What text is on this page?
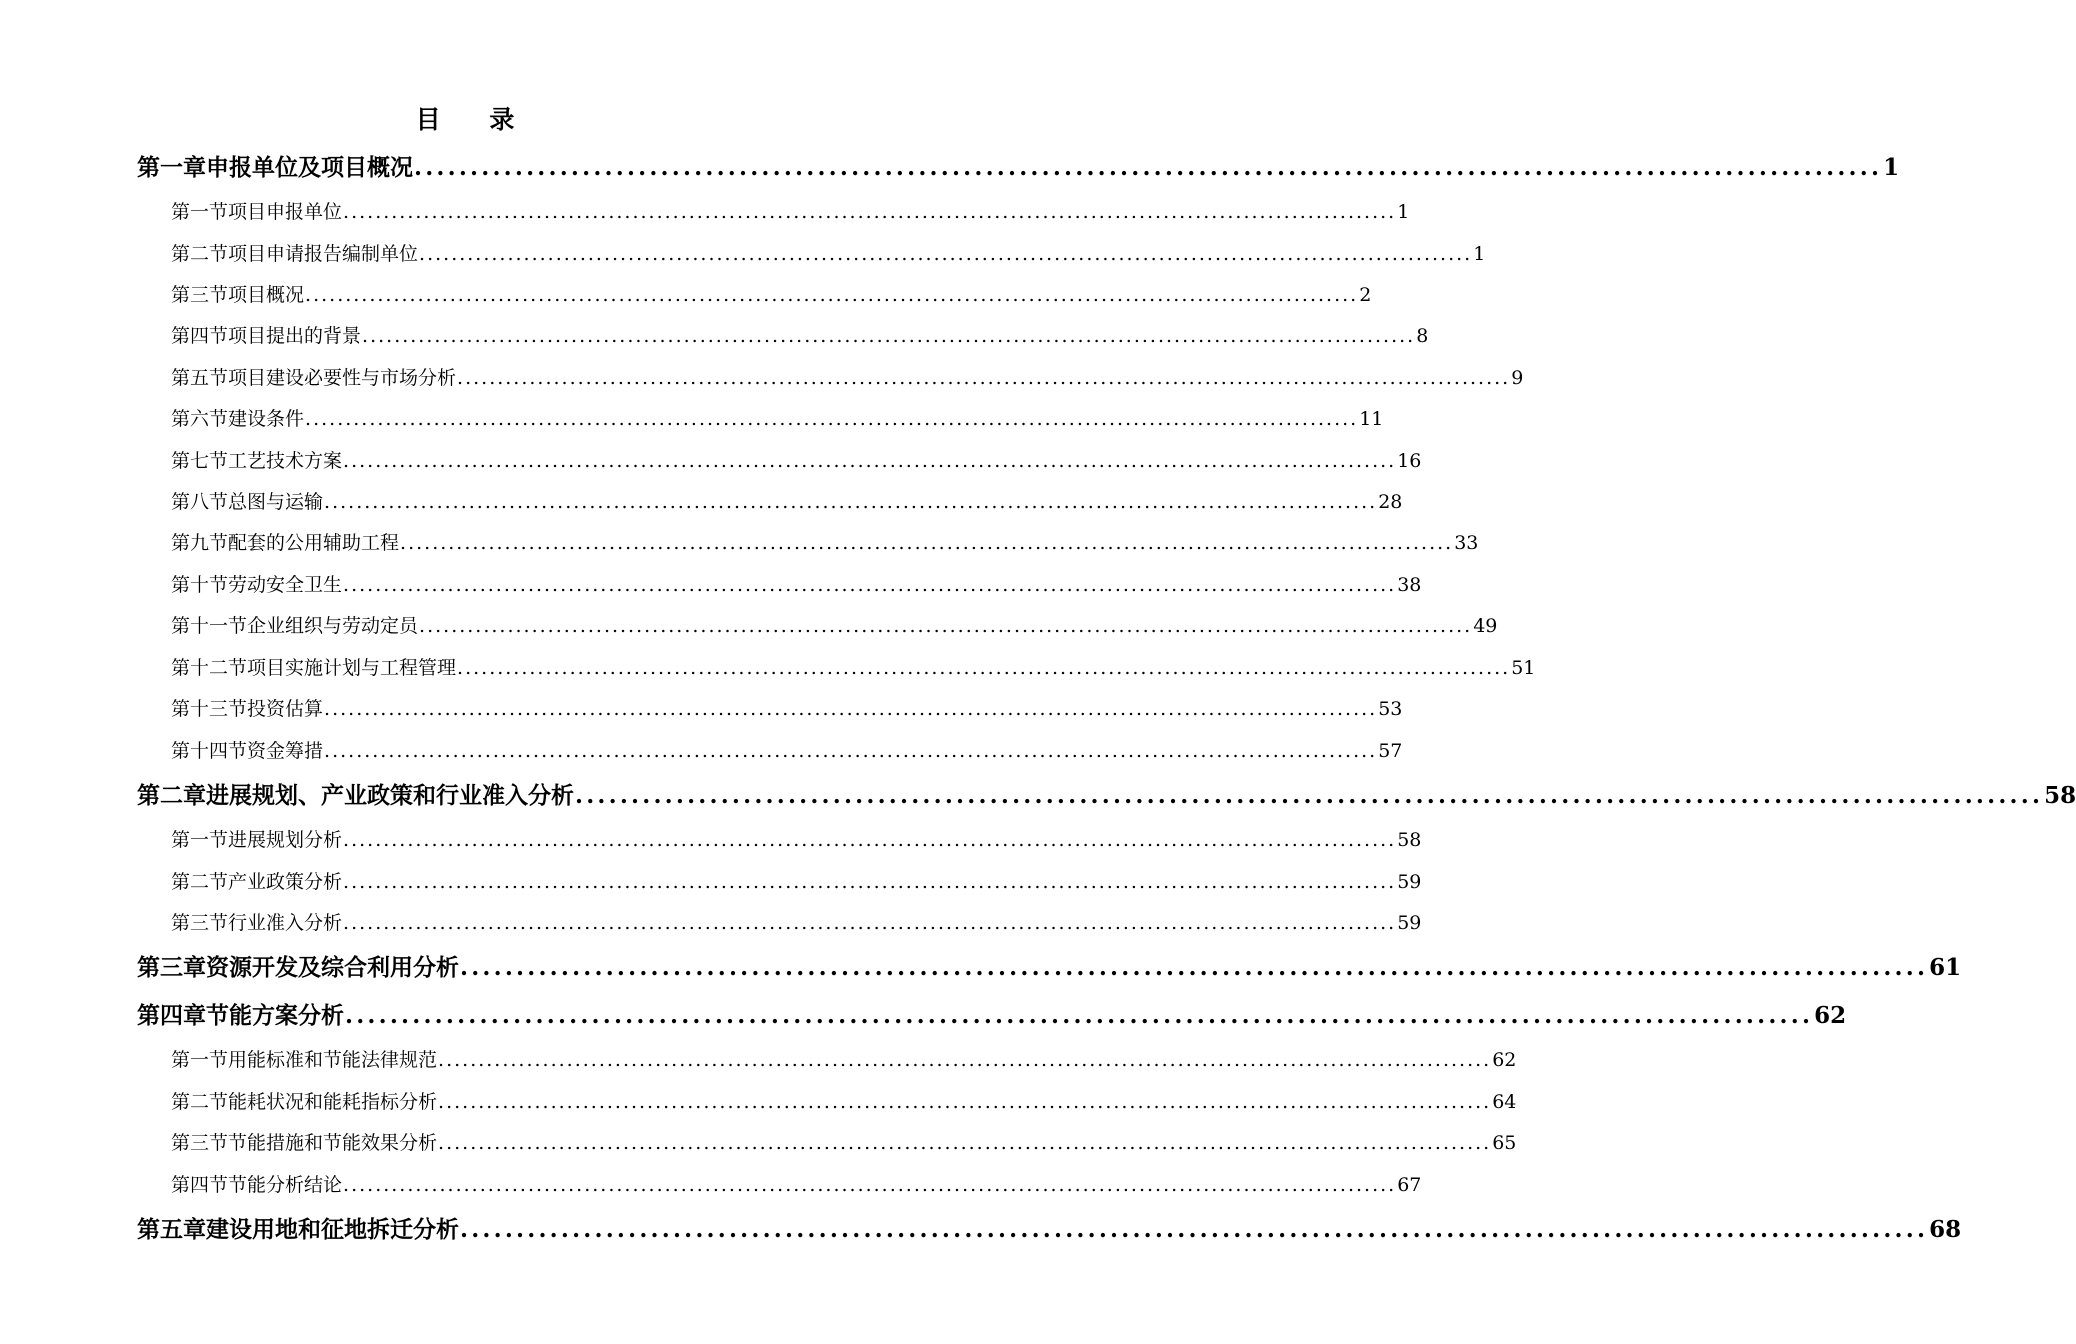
目 录
第一章 申报单位及项目概况 ................................................................................................................................... 1
第一节 项目申报单位 ................................................................................................................................... 1
第二节 项目申请报告编制单位 ................................................................................................................................... 1
第三节 项目概况 ................................................................................................................................... 2
第四节 项目提出的背景 ................................................................................................................................... 8
第五节 项目建设必要性与市场分析 ................................................................................................................................... 9
第六节 建设条件 ................................................................................................................................... 11
第七节 工艺技术方案 ................................................................................................................................... 16
第八节 总图与运输 ................................................................................................................................... 28
第九节 配套的公用辅助工程 ................................................................................................................................... 33
第十节 劳动安全卫生 ................................................................................................................................... 38
第十一节 企业组织与劳动定员 ................................................................................................................................... 49
第十二节 项目实施计划与工程管理 ................................................................................................................................... 51
第十三节 投资估算 ................................................................................................................................... 53
第十四节 资金筹措 ................................................................................................................................... 57
第二章 进展规划、产业政策和行业准入分析 ................................................................................................................................... 58
第一节 进展规划分析 ................................................................................................................................... 58
第二节 产业政策分析 ................................................................................................................................... 59
第三节 行业准入分析 ................................................................................................................................... 59
第三章 资源开发及综合利用分析 ................................................................................................................................... 61
第四章 节能方案分析 ................................................................................................................................... 62
第一节 用能标准和节能法律规范 ................................................................................................................................... 62
第二节 能耗状况和能耗指标分析 ................................................................................................................................... 64
第三节 节能措施和节能效果分析 ................................................................................................................................... 65
第四节 节能分析结论 ................................................................................................................................... 67
第五章 建设用地和征地拆迁分析 ................................................................................................................................... 68
